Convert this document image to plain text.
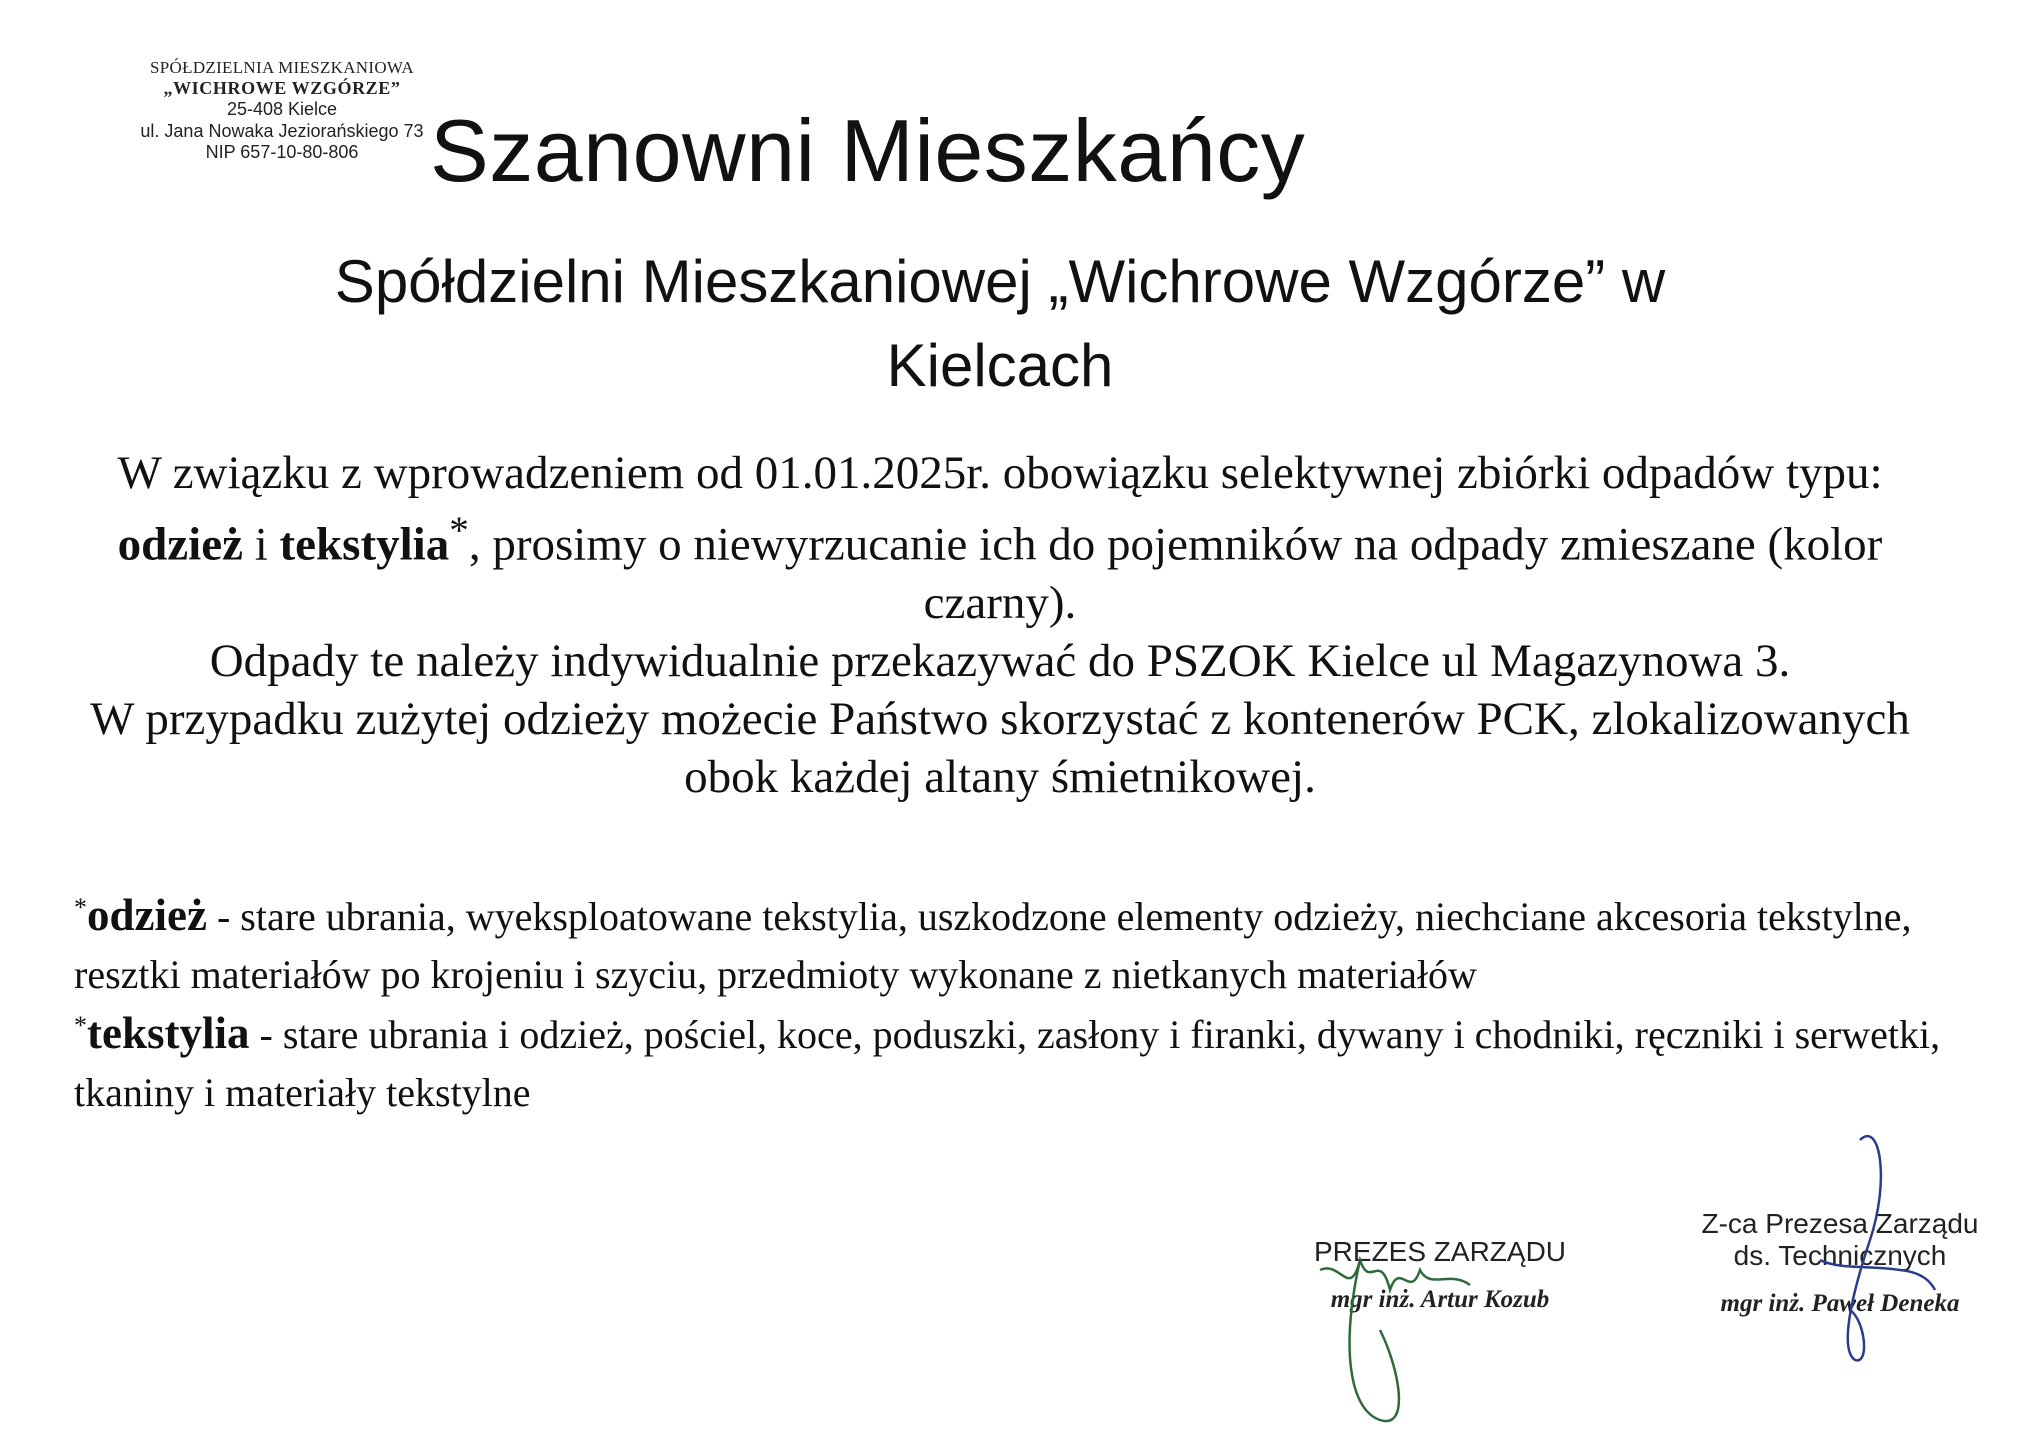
SPÓŁDZIELNIA MIESZKANIOWA
„WICHROWE WZGÓRZE”
25-408 Kielce
ul. Jana Nowaka Jeziorańskiego 73
NIP 657-10-80-806 Szanowni Mieszkańcy
Spółdzielni Mieszkaniowej „Wichrowe Wzgórze” w
Kielcach

W związku z wprowadzeniem od 01.01.2025r. obowiązku selektywnej zbiórki odpadów typu: odzież i tekstylia*, prosimy o niewyrzucanie ich do pojemników na odpady zmieszane (kolor czarny).

Odpady te należy indywidualnie przekazywać do PSZOK Kielce ul Magazynowa 3.

W przypadku zużytej odzieży możecie Państwo skorzystać z kontenerów PCK, zlokalizowanych obok każdej altany śmietnikowej.

*odzież - stare ubrania, wyeksploatowane tekstylia, uszkodzone elementy odzieży, niechciane akcesoria tekstylne, resztki materiałów po krojeniu i szyciu, przedmioty wykonane z nietkanych materiałów

*tekstylia - stare ubrania i odzież, pościel, koce, poduszki, zasłony i firanki, dywany i chodniki, ręczniki i serwetki, tkaniny i materiały tekstylne

PREZES ZARZĄDU
mgr inż. Artur Kozub
Z-ca Prezesa Zarządu
ds. Technicznych
mgr inż. Paweł Deneka
